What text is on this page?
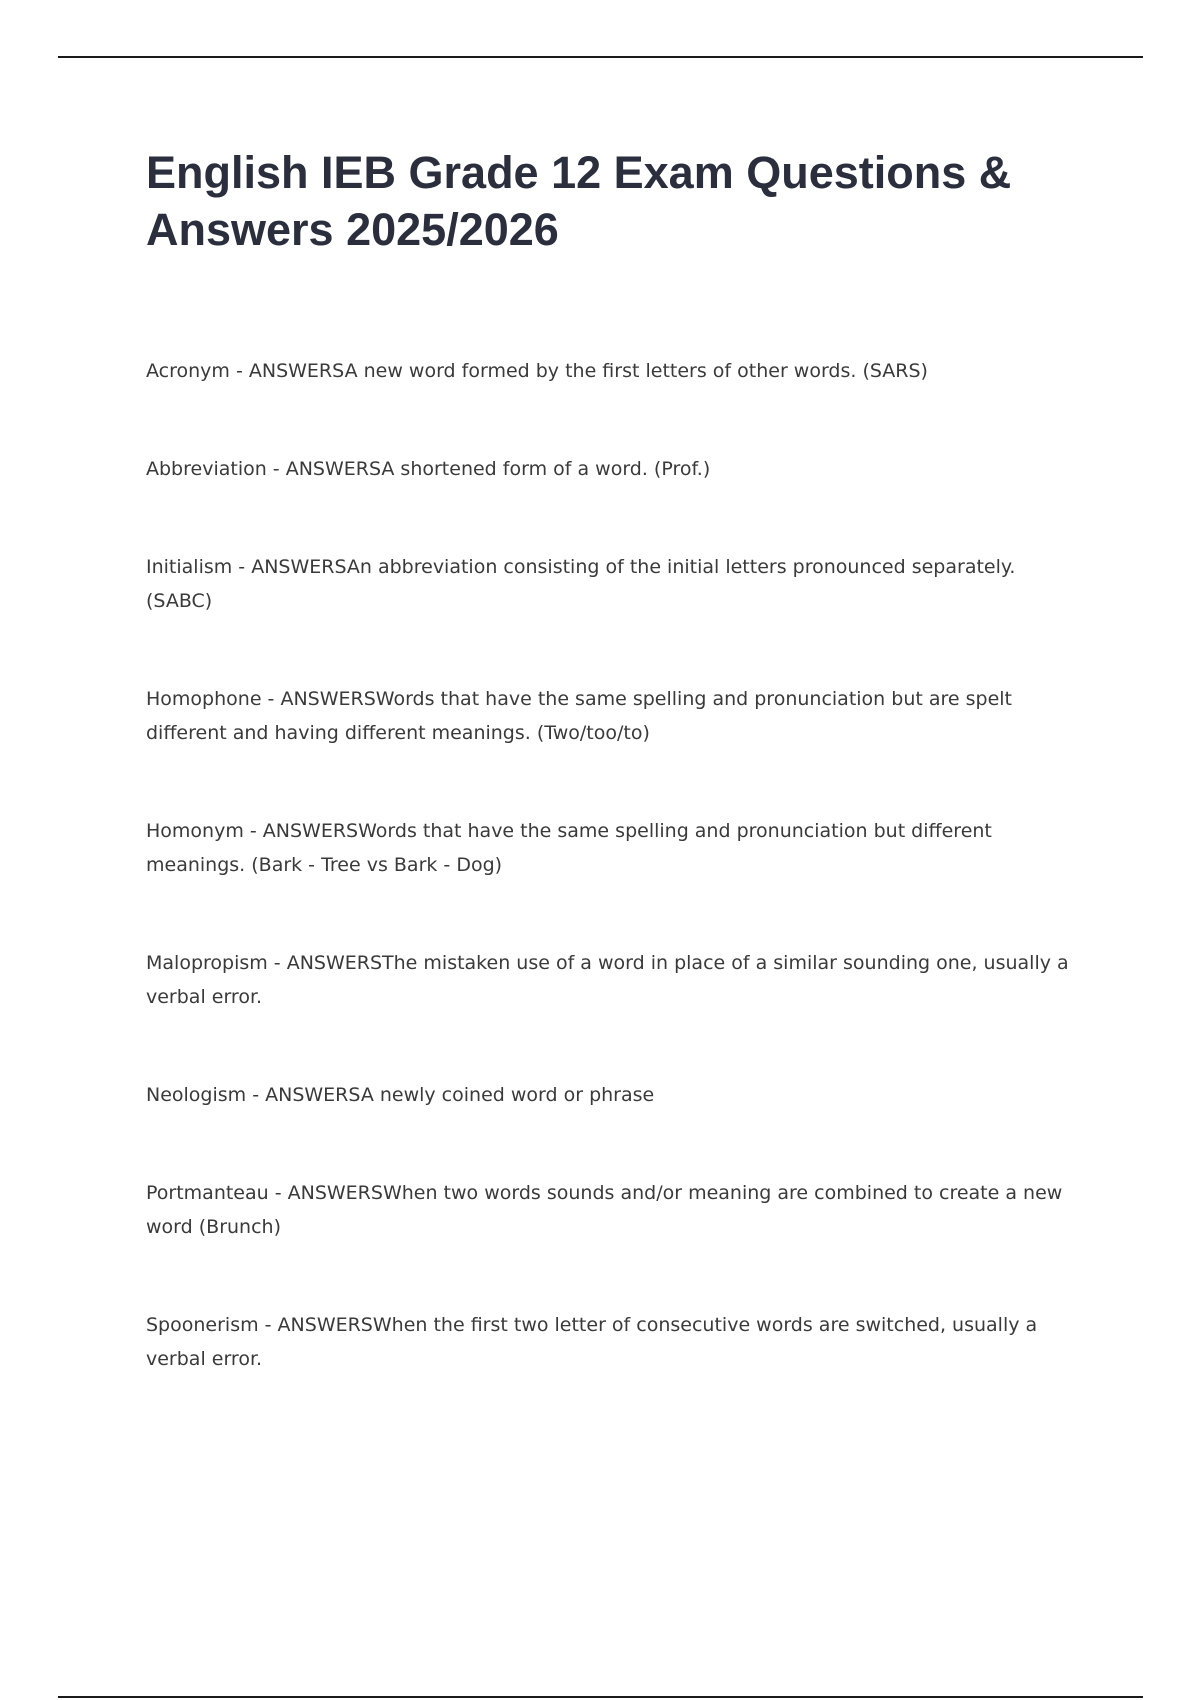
English IEB Grade 12 Exam Questions & Answers 2025/2026
Acronym - ANSWERSA new word formed by the first letters of other words. (SARS)
Abbreviation - ANSWERSA shortened form of a word. (Prof.)
Initialism - ANSWERSAn abbreviation consisting of the initial letters pronounced separately. (SABC)
Homophone - ANSWERSWords that have the same spelling and pronunciation but are spelt different and having different meanings. (Two/too/to)
Homonym - ANSWERSWords that have the same spelling and pronunciation but different meanings. (Bark - Tree vs Bark - Dog)
Malopropism - ANSWERSThe mistaken use of a word in place of a similar sounding one, usually a verbal error.
Neologism - ANSWERSA newly coined word or phrase
Portmanteau - ANSWERSWhen two words sounds and/or meaning are combined to create a new word (Brunch)
Spoonerism - ANSWERSWhen the first two letter of consecutive words are switched, usually a verbal error.
